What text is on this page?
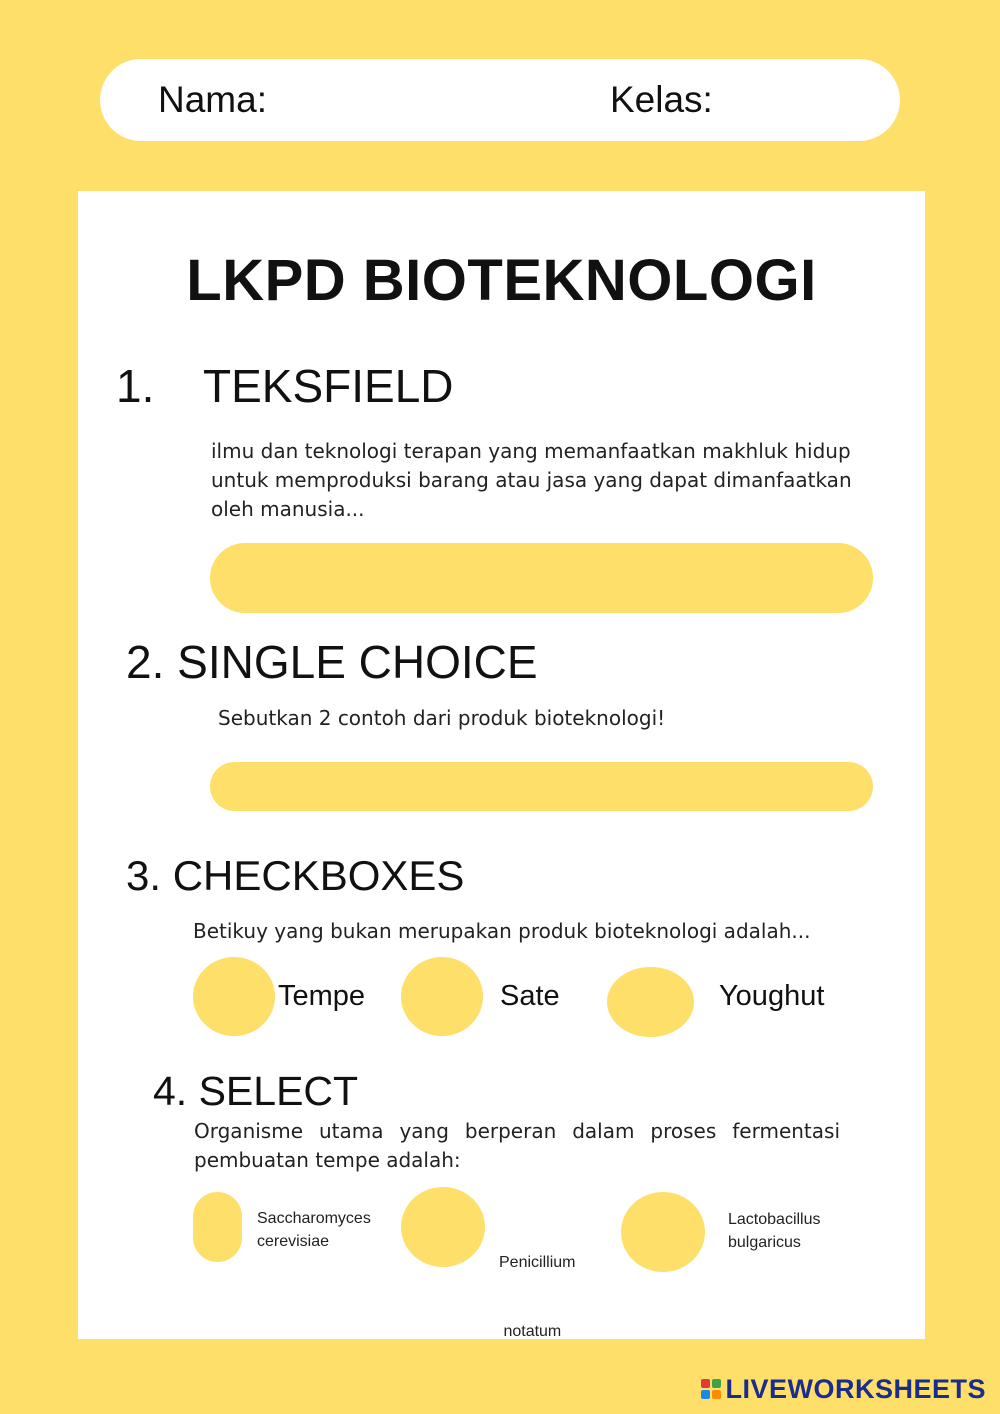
Nama:	Kelas:
LKPD BIOTEKNOLOGI
1. TEKSFIELD
ilmu dan teknologi terapan yang memanfaatkan makhluk hidup
untuk memproduksi barang atau jasa yang dapat dimanfaatkan
oleh manusia...
2. SINGLE CHOICE
Sebutkan 2 contoh dari produk bioteknologi!
3. CHECKBOXES
Betikuy yang bukan merupakan produk bioteknologi adalah...
Tempe	Sate	Youghut
4. SELECT
Organisme utama yang berperan dalam proses fermentasi
pembuatan tempe adalah:
Saccharomyces
cerevisiae

Penicillium

notatum

Lactobacillus
bulgaricus
LIVEWORKSHEETS
